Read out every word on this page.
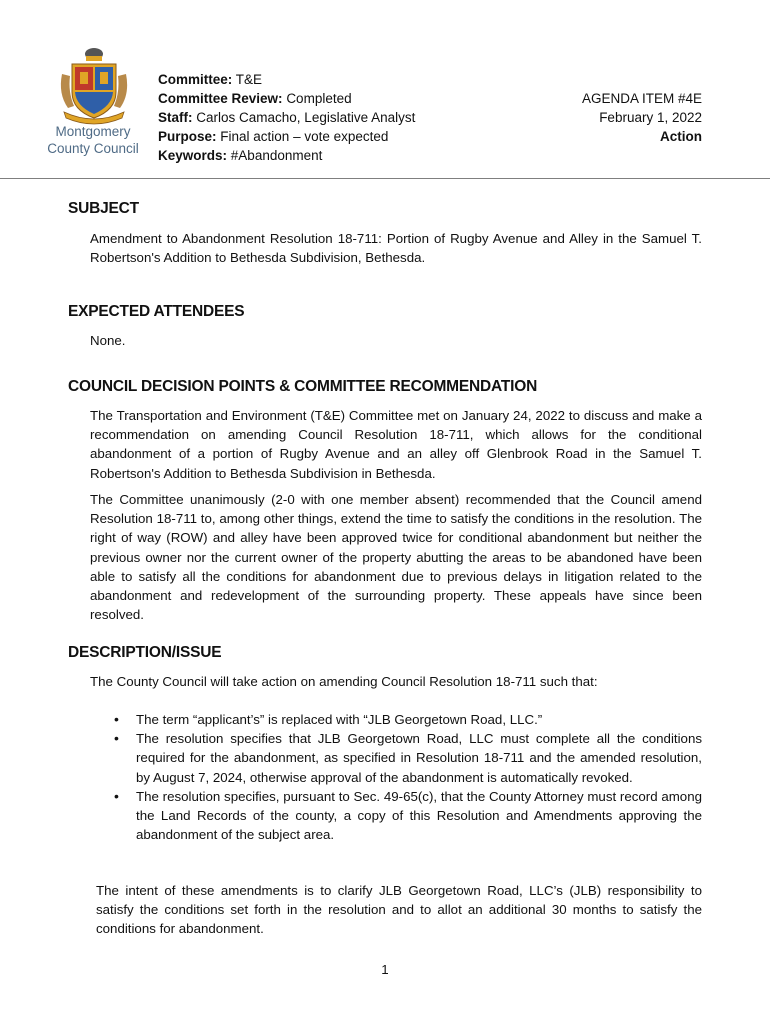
Montgomery
County Council
Committee: T&E
Committee Review: Completed
Staff: Carlos Camacho, Legislative Analyst
Purpose: Final action – vote expected
Keywords: #Abandonment
AGENDA ITEM #4E
February 1, 2022
Action
SUBJECT
Amendment to Abandonment Resolution 18-711: Portion of Rugby Avenue and Alley in the Samuel T. Robertson's Addition to Bethesda Subdivision, Bethesda.
EXPECTED ATTENDEES
None.
COUNCIL DECISION POINTS & COMMITTEE RECOMMENDATION
The Transportation and Environment (T&E) Committee met on January 24, 2022 to discuss and make a recommendation on amending Council Resolution 18-711, which allows for the conditional abandonment of a portion of Rugby Avenue and an alley off Glenbrook Road in the Samuel T. Robertson's Addition to Bethesda Subdivision in Bethesda.
The Committee unanimously (2-0 with one member absent) recommended that the Council amend Resolution 18-711 to, among other things, extend the time to satisfy the conditions in the resolution. The right of way (ROW) and alley have been approved twice for conditional abandonment but neither the previous owner nor the current owner of the property abutting the areas to be abandoned have been able to satisfy all the conditions for abandonment due to previous delays in litigation related to the abandonment and redevelopment of the surrounding property. These appeals have since been resolved.
DESCRIPTION/ISSUE
The County Council will take action on amending Council Resolution 18-711 such that:
• The term “applicant’s” is replaced with “JLB Georgetown Road, LLC.”
• The resolution specifies that JLB Georgetown Road, LLC must complete all the conditions required for the abandonment, as specified in Resolution 18-711 and the amended resolution, by August 7, 2024, otherwise approval of the abandonment is automatically revoked.
• The resolution specifies, pursuant to Sec. 49-65(c), that the County Attorney must record among the Land Records of the county, a copy of this Resolution and Amendments approving the abandonment of the subject area.
The intent of these amendments is to clarify JLB Georgetown Road, LLC’s (JLB) responsibility to satisfy the conditions set forth in the resolution and to allot an additional 30 months to satisfy the conditions for abandonment.
1
